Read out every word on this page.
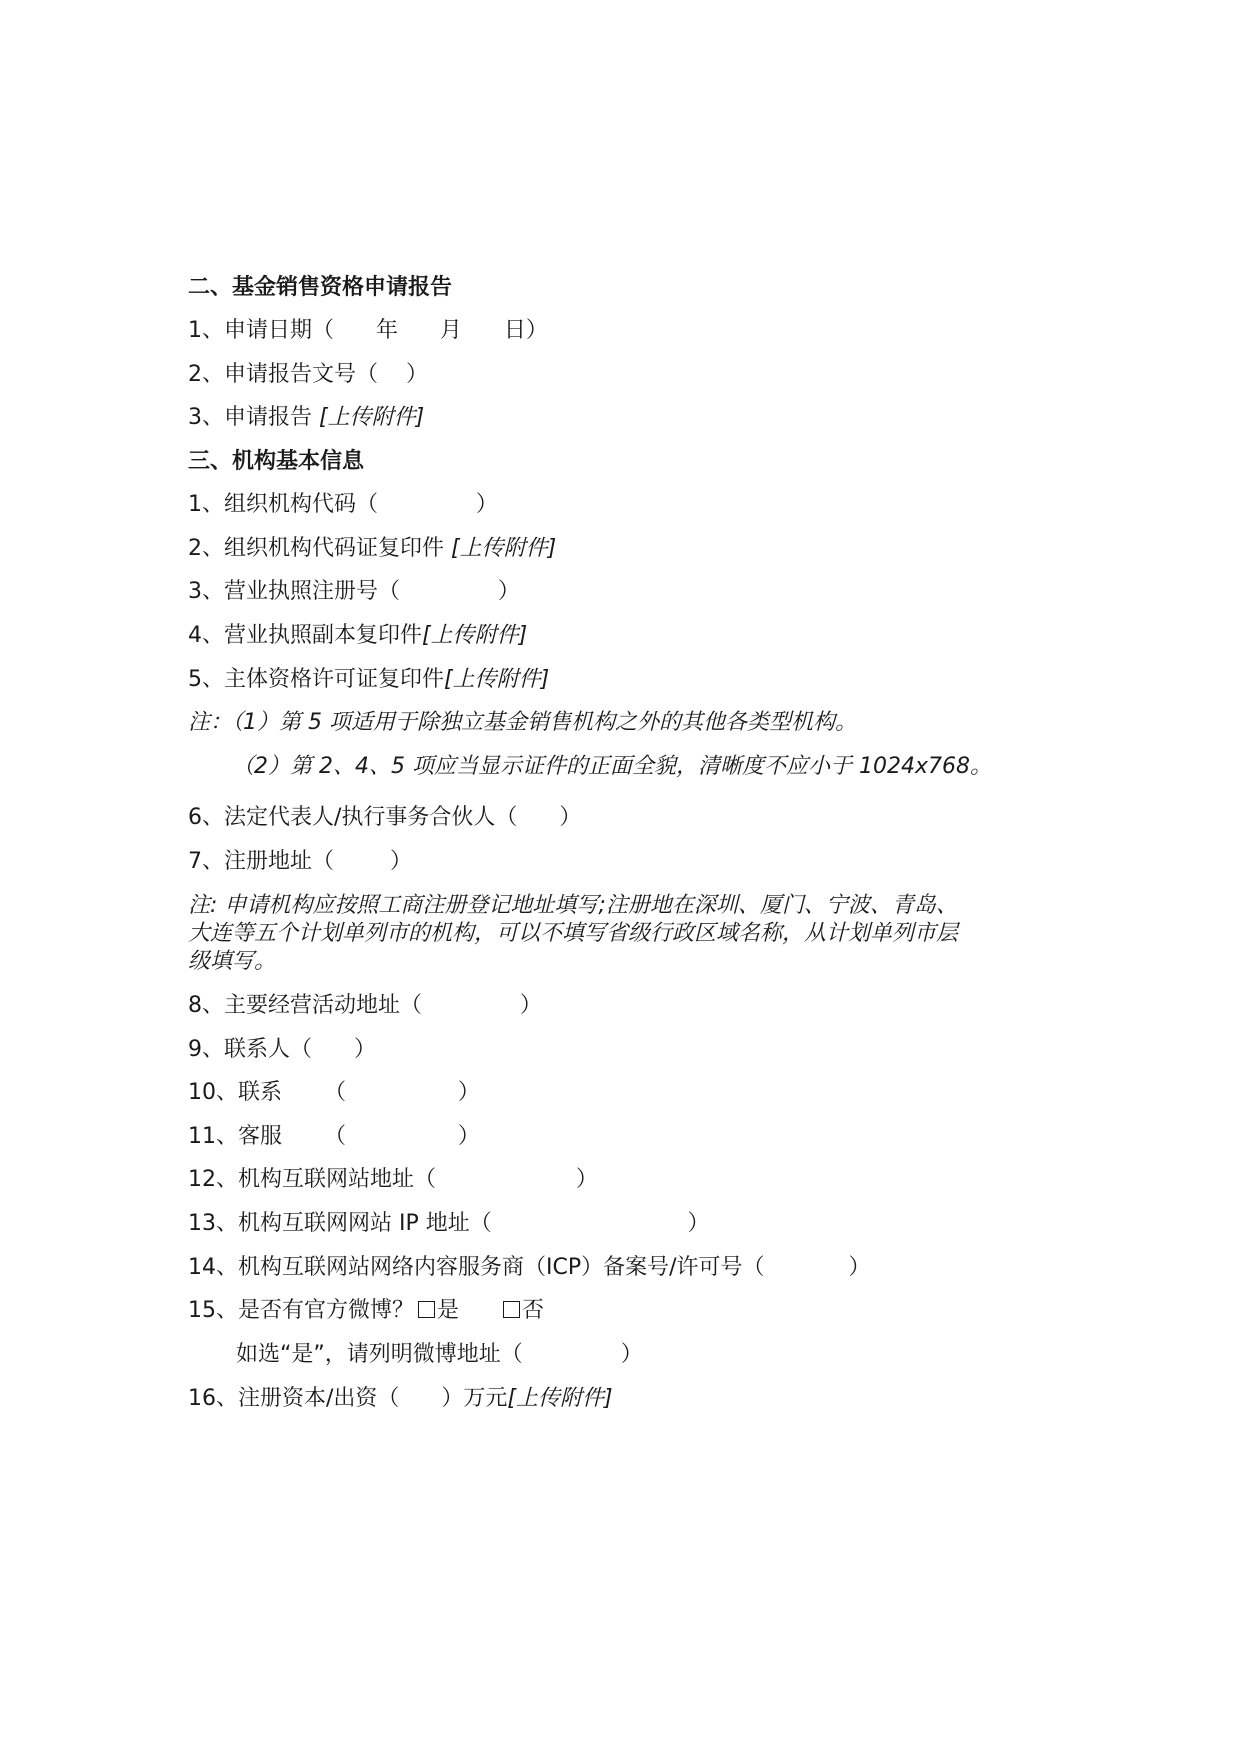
二、基金销售资格申请报告
1、申请日期（      年      月      日）
2、申请报告文号（    ）
3、申请报告 [上传附件]
三、机构基本信息
1、组织机构代码（              ）
2、组织机构代码证复印件 [上传附件]
3、营业执照注册号（              ）
4、营业执照副本复印件[上传附件]
5、主体资格许可证复印件[上传附件]
注：（1）第 5 项适用于除独立基金销售机构之外的其他各类型机构。
（2）第 2、4、5 项应当显示证件的正面全貌，清晰度不应小于 1024x768。
6、法定代表人/执行事务合伙人（      ）
7、注册地址（        ）
注: 申请机构应按照工商注册登记地址填写;注册地在深圳、厦门、宁波、青岛、
大连等五个计划单列市的机构，可以不填写省级行政区域名称，从计划单列市层
级填写。
8、主要经营活动地址（              ）
9、联系人（      ）
10、联系      （                ）
11、客服      （                ）
12、机构互联网站地址（                    ）
13、机构互联网网站 IP 地址（                            ）
14、机构互联网站网络内容服务商（ICP）备案号/许可号（            ）
15、是否有官方微博？ 是	否
如选“是”，请列明微博地址（              ）
16、注册资本/出资（      ）万元[上传附件]
